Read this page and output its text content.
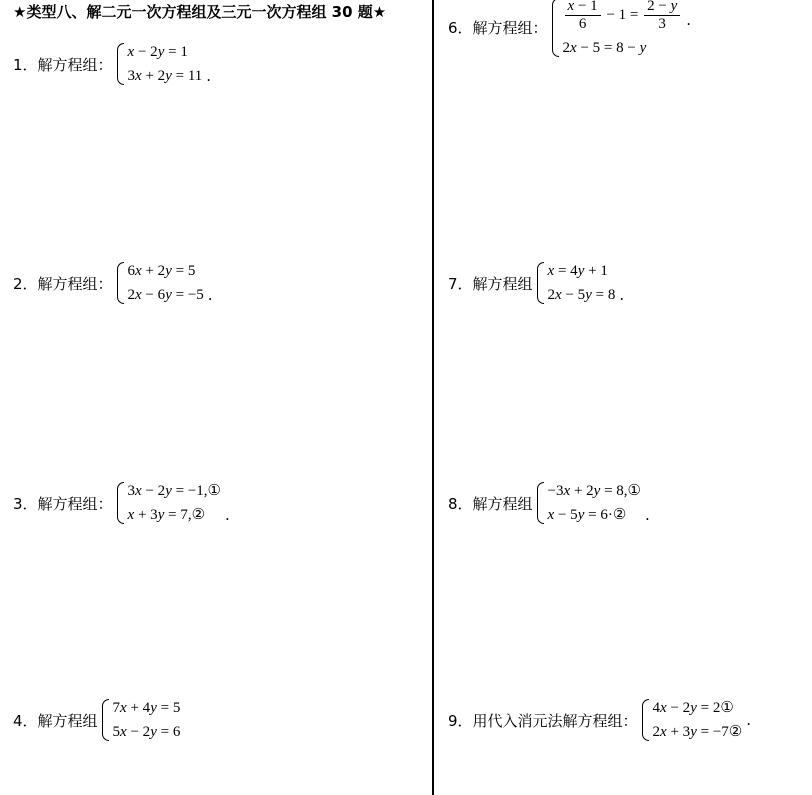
★类型八、解二元一次方程组及三元一次方程组 30 题★
1．解方程组：
x − 2y = 1
3x + 2y = 11 .
2．解方程组：
6x + 2y = 5
2x − 6y = −5 .
3．解方程组：
3x − 2y = −1,①
x + 3y = 7,②	.
4．解方程组
7x + 4y = 5
5x − 2y = 6
6．解方程组： $\frac{x - 1}{6} - 1 = \frac{2 - y}{3}$
2x − 5 = 8 − y
.
7．解方程组
x = 4y + 1
2x − 5y = 8 .
8．解方程组
−3x + 2y = 8,①
x − 5y = 6·②	.
9．用代入消元法解方程组：
4x − 2y = 2①
2x + 3y = −7②
.
